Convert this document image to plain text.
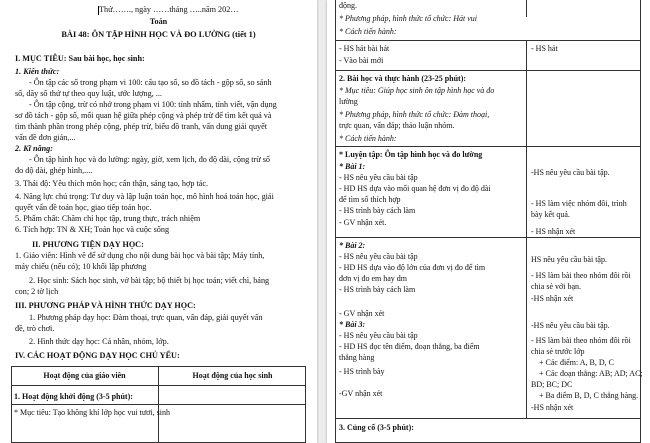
Thứ……., ngày ……tháng …..năm 202…
Toán
BÀI 48: ÔN TẬP HÌNH HỌC VÀ ĐO LƯỜNG (tiết 1)
I. MỤC TIÊU: Sau bài học, học sinh:
1. Kiến thức:
- Ôn tập các số trong phạm vi 100: cấu tạo số, so đồ tách - gộp số, so sánh
số, dãy số thứ tự theo quy luật, ước lượng, ...
- Ôn tập cộng, trừ có nhớ trong phạm vi 100: tính nhẩm, tính viết, vận dụng
sơ đồ tách - gộp số, mối quan hệ giữa phép cộng và phép trừ để tìm kết quả và
tìm thành phần trong phép cộng, phép trừ, biểu đồ tranh, vấn dung giải quyết
vấn đề đơn giản,...
2. Kĩ năng:
- Ôn tập hình học và đo lường: ngày, giờ, xem lịch, đo độ dài, cộng trừ số
đo độ dài, ghép hình,....
3. Thái độ: Yêu thích môn học; cẩn thận, sáng tạo, hợp tác.
4. Năng lực chú trọng: Tư duy và lập luận toán học, mô hình hoá toán học, giải
quyết vấn đề toán học, giao tiếp toán học.
5. Phẩm chất: Chăm chỉ học tập, trung thực, trách nhiệm
6. Tích hợp: TN & XH; Toán học và cuộc sống
II. PHƯƠNG TIỆN DẠY HỌC:
1. Giáo viên: Hình vẽ để sử dụng cho nội dung bài học và bài tập; Máy tính,
máy chiếu (nếu có); 10 khối lập phương
2. Học sinh: Sách học sinh, vở bài tập; bộ thiết bị học toán; viết chì, bảng
con; 2 tờ lịch
III. PHƯƠNG PHÁP VÀ HÌNH THỨC DẠY HỌC:
1. Phương pháp dạy học: Đàm thoại, trực quan, vấn đáp, giải quyết vấn
đề, trò chơi.
2. Hình thức dạy học: Cá nhân, nhóm, lớp.
IV. CÁC HOẠT ĐỘNG DẠY HỌC CHỦ YẾU:
Hoạt động của giáo viên	Hoạt động của học sinh
1. Hoạt động khởi động (3-5 phút):
* Mục tiêu: Tạo không khí lớp học vui tươi, sinh
động.
* Phương pháp, hình thức tổ chức: Hát vui
* Cách tiến hành:
- HS hát bài hát
- Vào bài mới
- HS hát
2. Bài học và thực hành (23-25 phút):
* Mục tiêu: Giúp học sinh ôn tập hình học và đo
lường
* Phương pháp, hình thức tổ chức: Đàm thoại,
trực quan, vấn đáp; thảo luận nhóm.
* Cách tiến hành:
* Luyện tập: Ôn tập hình học và đo lường
* Bài 1:
- HS nêu yêu cầu bài tập
- HD HS dựa vào mối quan hệ đơn vị đo độ dài
để tìm số thích hợp
- HS trình bày cách làm
- GV nhận xét.
-HS nêu yêu cầu bài tập.
- HS làm việc nhóm đôi, trình
bày kết quả.
- HS nhận xét
* Bài 2:
- HS nêu yêu cầu bài tập
- HD HS dựa vào độ lớn của đơn vị đo để tìm
đơn vị đo em hay dm
- HS trình bày cách làm
- GV nhận xét
* Bài 3:
- HS nêu yêu cầu bài tập
- HD HS đọc tên điểm, đoạn thẳng, ba điểm
thẳng hàng
- HS trình bày
-GV nhận xét
HS nêu yêu cầu bài tập.
- HS làm bài theo nhóm đôi rồi
chia sẻ với bạn.
-HS nhận xét
-HS nêu yêu cầu bài tập.
- HS làm bài theo nhóm đôi rồi
chia sẻ trước lớp
+ Các điểm: A, B, D, C
+ Các đoạn thẳng: AB; AD; AC;
BD; BC; DC
+ Ba điểm B, D, C thẳng hàng.
-HS nhận xét
3. Củng cố (3-5 phút):
